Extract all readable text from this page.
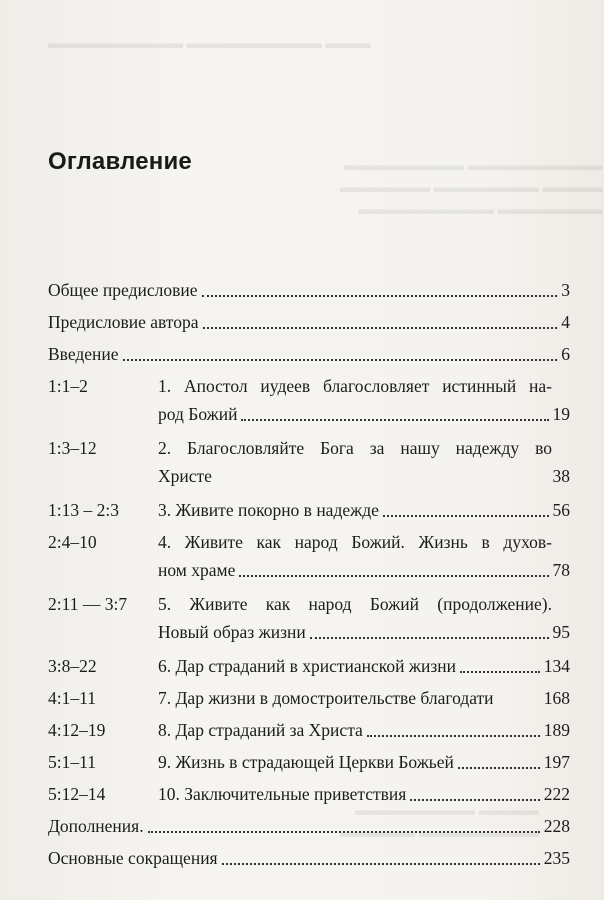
▬▬▬ ▬▬▬▬▬▬▬▬▬ ▬▬▬▬▬▬▬▬▬
▬▬▬▬▬▬▬▬▬ ▬▬▬▬▬▬▬▬
▬▬▬▬ ▬▬▬▬▬▬▬ ▬▬▬▬▬▬
▬▬▬▬▬▬▬ ▬▬▬▬▬▬▬▬▬
▬▬▬▬ ▬▬▬▬▬▬▬▬
▬▬▬▬▬▬▬▬ ▬▬▬▬▬
Оглавление
Общее предисловие	3
Предисловие автора	4
Введение	6
1:1–2	1. Апостол иудеев благословляет истинный на-
род Божий	19
1:3–12	2. Благословляйте Бога за нашу надежду во
Христе	38
1:13 – 2:3	3. Живите покорно в надежде	56
2:4–10	4. Живите как народ Божий. Жизнь в духов-
ном храме	78
2:11 — 3:7	5. Живите как народ Божий (продолжение).
Новый образ жизни	95
3:8–22	6. Дар страданий в христианской жизни	134
4:1–11	7. Дар жизни в домостроительстве благодати	168
4:12–19	8. Дар страданий за Христа	189
5:1–11	9. Жизнь в страдающей Церкви Божьей	197
5:12–14	10. Заключительные приветствия	222
Дополнения.	228
Основные сокращения	235
